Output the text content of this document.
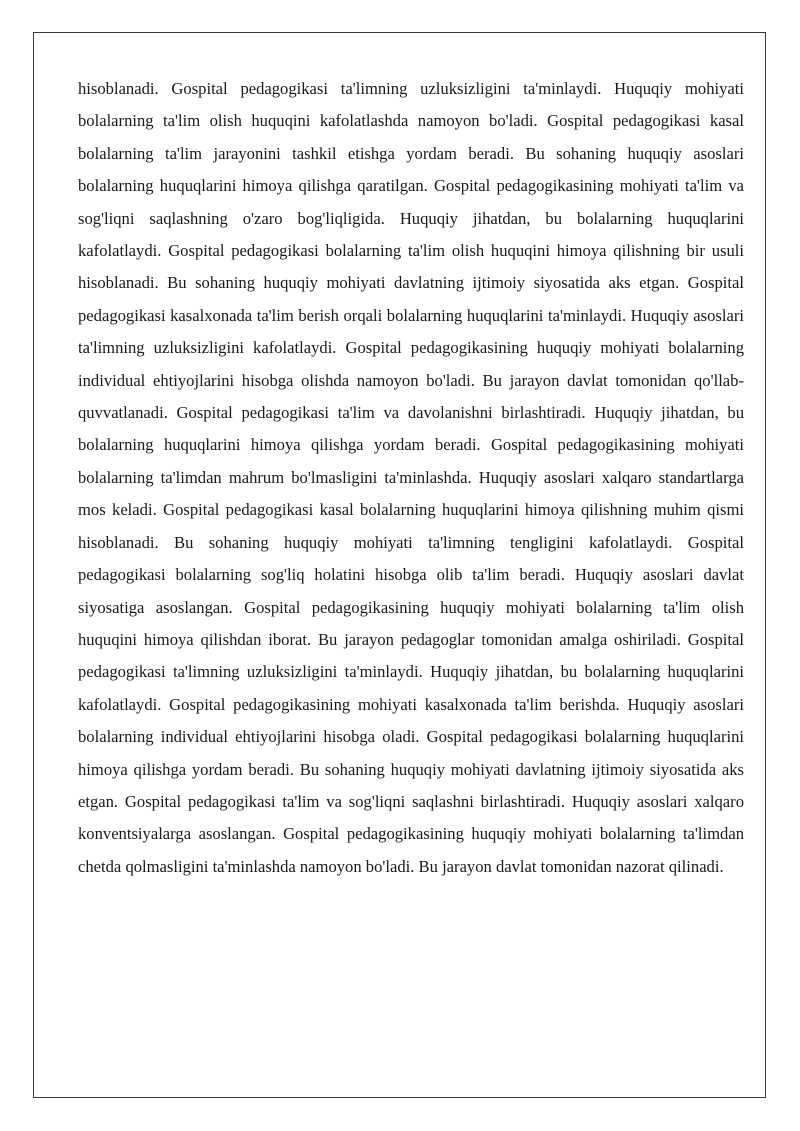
hisoblanadi. Gospital pedagogikasi ta'limning uzluksizligini ta'minlaydi. Huquqiy mohiyati bolalarning ta'lim olish huquqini kafolatlashda namoyon bo'ladi. Gospital pedagogikasi kasal bolalarning ta'lim jarayonini tashkil etishga yordam beradi. Bu sohaning huquqiy asoslari bolalarning huquqlarini himoya qilishga qaratilgan. Gospital pedagogikasining mohiyati ta'lim va sog'liqni saqlashning o'zaro bog'liqligida. Huquqiy jihatdan, bu bolalarning huquqlarini kafolatlaydi. Gospital pedagogikasi bolalarning ta'lim olish huquqini himoya qilishning bir usuli hisoblanadi. Bu sohaning huquqiy mohiyati davlatning ijtimoiy siyosatida aks etgan. Gospital pedagogikasi kasalxonada ta'lim berish orqali bolalarning huquqlarini ta'minlaydi. Huquqiy asoslari ta'limning uzluksizligini kafolatlaydi. Gospital pedagogikasining huquqiy mohiyati bolalarning individual ehtiyojlarini hisobga olishda namoyon bo'ladi. Bu jarayon davlat tomonidan qo'llab-quvvatlanadi. Gospital pedagogikasi ta'lim va davolanishni birlashtiradi. Huquqiy jihatdan, bu bolalarning huquqlarini himoya qilishga yordam beradi. Gospital pedagogikasining mohiyati bolalarning ta'limdan mahrum bo'lmasligini ta'minlashda. Huquqiy asoslari xalqaro standartlarga mos keladi. Gospital pedagogikasi kasal bolalarning huquqlarini himoya qilishning muhim qismi hisoblanadi. Bu sohaning huquqiy mohiyati ta'limning tengligini kafolatlaydi. Gospital pedagogikasi bolalarning sog'liq holatini hisobga olib ta'lim beradi. Huquqiy asoslari davlat siyosatiga asoslangan. Gospital pedagogikasining huquqiy mohiyati bolalarning ta'lim olish huquqini himoya qilishdan iborat. Bu jarayon pedagoglar tomonidan amalga oshiriladi. Gospital pedagogikasi ta'limning uzluksizligini ta'minlaydi. Huquqiy jihatdan, bu bolalarning huquqlarini kafolatlaydi. Gospital pedagogikasining mohiyati kasalxonada ta'lim berishda. Huquqiy asoslari bolalarning individual ehtiyojlarini hisobga oladi. Gospital pedagogikasi bolalarning huquqlarini himoya qilishga yordam beradi. Bu sohaning huquqiy mohiyati davlatning ijtimoiy siyosatida aks etgan. Gospital pedagogikasi ta'lim va sog'liqni saqlashni birlashtiradi. Huquqiy asoslari xalqaro konventsiyalarga asoslangan. Gospital pedagogikasining huquqiy mohiyati bolalarning ta'limdan chetda qolmasligini ta'minlashda namoyon bo'ladi. Bu jarayon davlat tomonidan nazorat qilinadi.
